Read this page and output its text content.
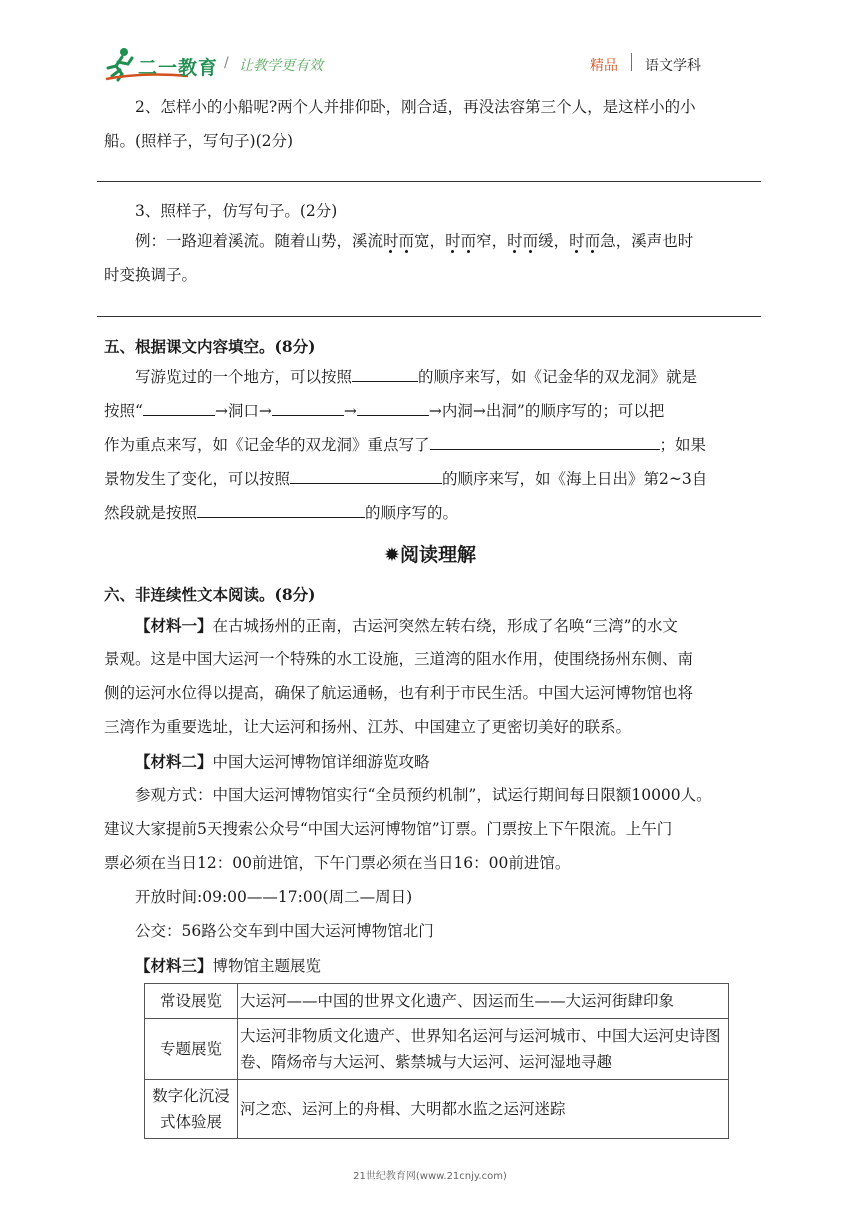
二一教育 / 让教学更有效	精品 语文学科
2、怎样小的小船呢?两个人并排仰卧，刚合适，再没法容第三个人，是这样小的小
船。(照样子，写句子)(2分)
3、照样子，仿写句子。(2分)
例：一路迎着溪流。随着山势，溪流时而宽，时而窄，时而缓，时而急，溪声也时
时变换调子。
五、根据课文内容填空。(8分)
写游览过的一个地方，可以按照	的顺序来写，如《记金华的双龙洞》就是
按照“	→洞口→	→	→内洞→出洞”的顺序写的；可以把
作为重点来写，如《记金华的双龙洞》重点写了	；如果
景物发生了变化，可以按照	的顺序来写，如《海上日出》第2~3自
然段就是按照	的顺序写的。
✹阅读理解
六、非连续性文本阅读。(8分)
【材料一】在古城扬州的正南，古运河突然左转右绕，形成了名唤“三湾”的水文
景观。这是中国大运河一个特殊的水工设施，三道湾的阻水作用，使围绕扬州东侧、南
侧的运河水位得以提高，确保了航运通畅，也有利于市民生活。中国大运河博物馆也将
三湾作为重要选址，让大运河和扬州、江苏、中国建立了更密切美好的联系。
【材料二】中国大运河博物馆详细游览攻略
参观方式：中国大运河博物馆实行“全员预约机制”，试运行期间每日限额10000人。
建议大家提前5天搜索公众号“中国大运河博物馆”订票。门票按上下午限流。上午门
票必须在当日12：00前进馆，下午门票必须在当日16：00前进馆。
开放时间:09:00——17:00(周二—周日)
公交：56路公交车到中国大运河博物馆北门
【材料三】博物馆主题展览
常设展览	大运河——中国的世界文化遗产、因运而生——大运河街肆印象
专题展览	大运河非物质文化遗产、世界知名运河与运河城市、中国大运河史诗图卷、隋炀帝与大运河、紫禁城与大运河、运河湿地寻趣
数字化沉浸式体验展	河之恋、运河上的舟楫、大明都水监之运河迷踪
21世纪教育网(www.21cnjy.com)
